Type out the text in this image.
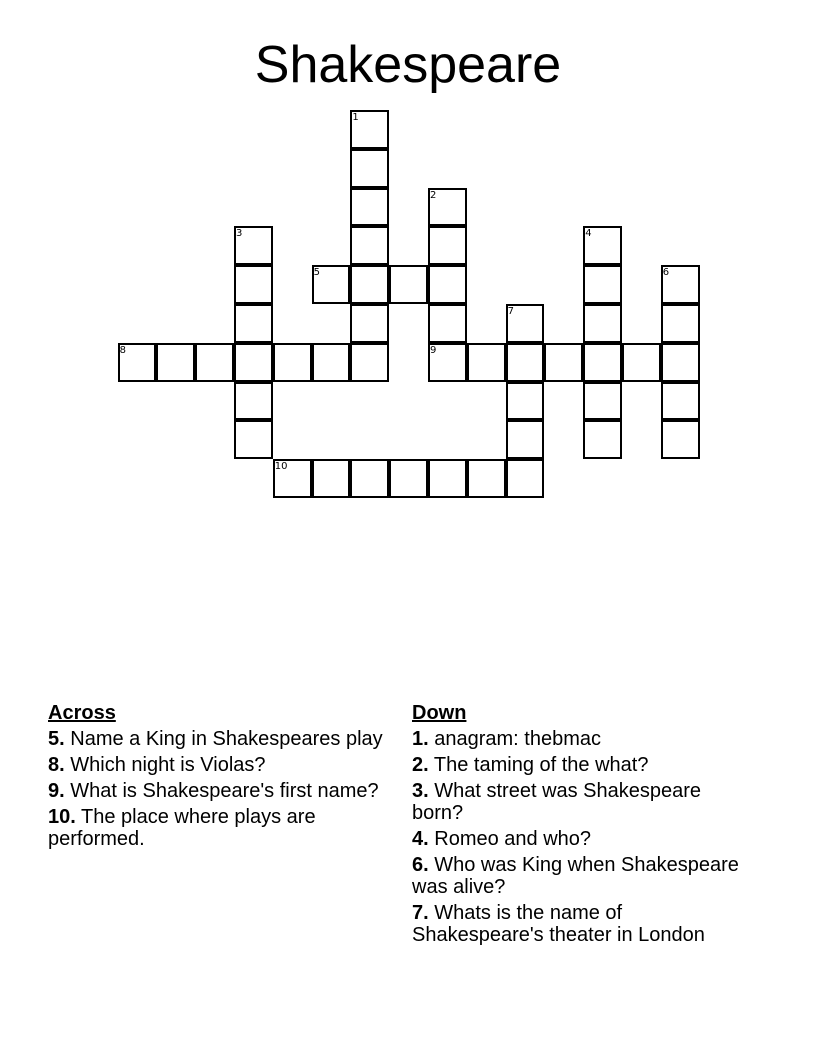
Shakespeare
1
2
3	4
5	6
7
8	9
10
Across
5. Name a King in Shakespeares play
8. Which night is Violas?
9. What is Shakespeare's first name?
10. The place where plays are performed.
Down
1. anagram: thebmac
2. The taming of the what?
3. What street was Shakespeare born?
4. Romeo and who?
6. Who was King when Shakespeare was alive?
7. Whats is the name of Shakespeare's theater in London
